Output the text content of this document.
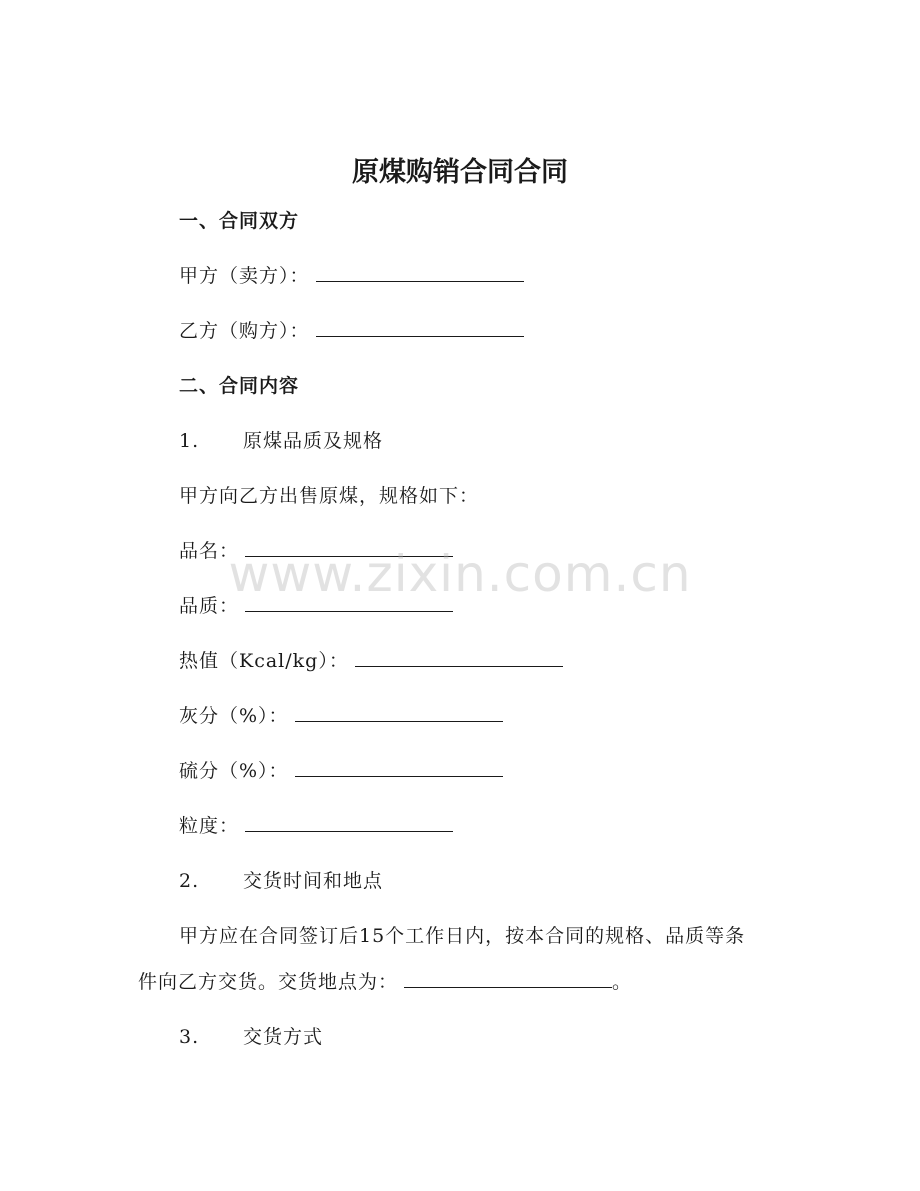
原煤购销合同合同
一、合同双方
甲方（卖方）：
乙方（购方）：
二、合同内容
1. 原煤品质及规格
甲方向乙方出售原煤，规格如下：
品名：
品质：
热值（Kcal/kg）：
灰分（%）：
硫分（%）：
粒度：
2. 交货时间和地点
甲方应在合同签订后15个工作日内，按本合同的规格、品质等条
件向乙方交货。交货地点为：	。
3. 交货方式
www.zixin.com.cn
